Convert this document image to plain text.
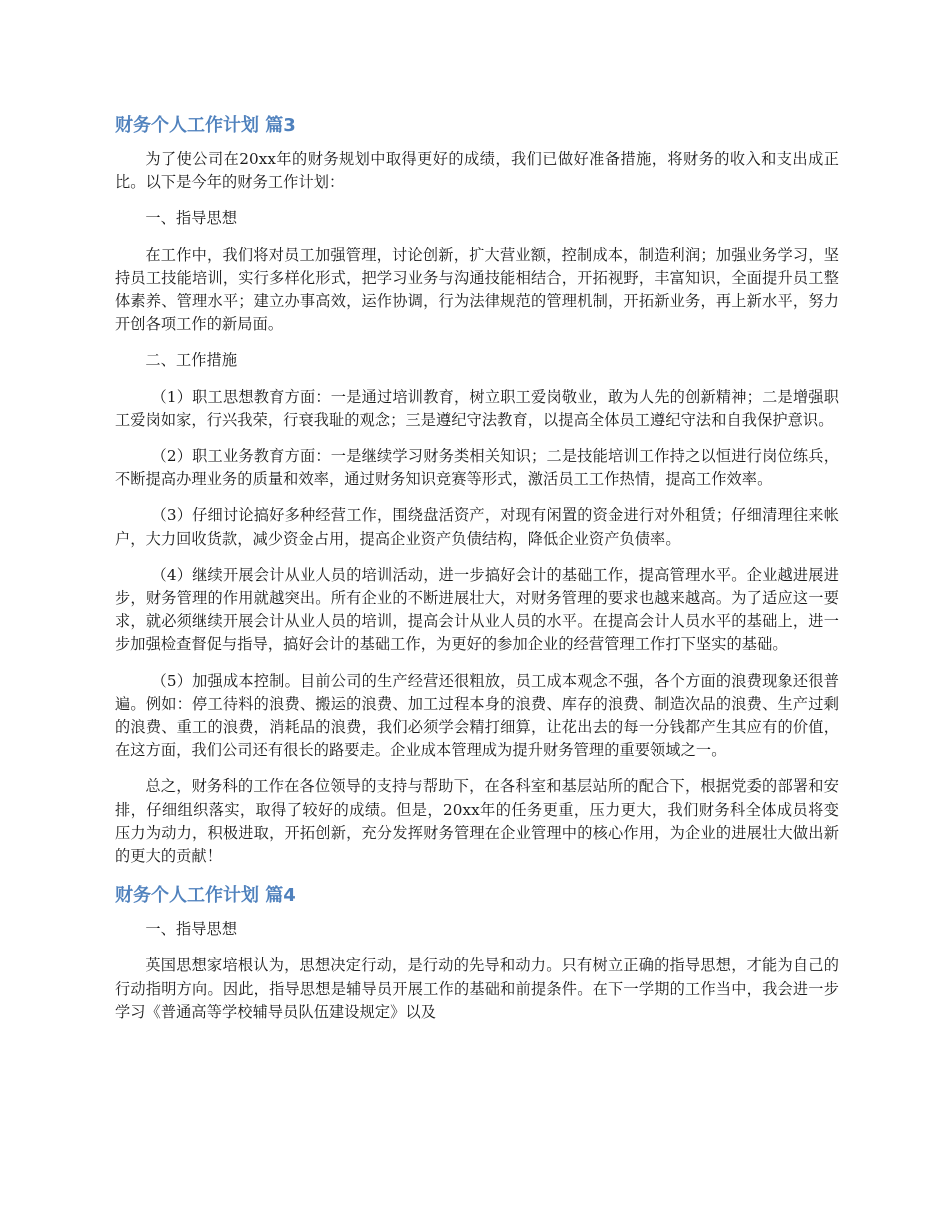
财务个人工作计划 篇3

为了使公司在20xx年的财务规划中取得更好的成绩，我们已做好准备措施，将财务的收入和支出成正比。以下是今年的财务工作计划：

一、指导思想

在工作中，我们将对员工加强管理，讨论创新，扩大营业额，控制成本，制造利润；加强业务学习，坚持员工技能培训，实行多样化形式，把学习业务与沟通技能相结合，开拓视野，丰富知识，全面提升员工整体素养、管理水平；建立办事高效，运作协调，行为法律规范的管理机制，开拓新业务，再上新水平，努力开创各项工作的新局面。

二、工作措施

（1）职工思想教育方面：一是通过培训教育，树立职工爱岗敬业，敢为人先的创新精神；二是增强职工爱岗如家，行兴我荣，行衰我耻的观念；三是遵纪守法教育，以提高全体员工遵纪守法和自我保护意识。

（2）职工业务教育方面：一是继续学习财务类相关知识；二是技能培训工作持之以恒进行岗位练兵，不断提高办理业务的质量和效率，通过财务知识竞赛等形式，激活员工工作热情，提高工作效率。

（3）仔细讨论搞好多种经营工作，围绕盘活资产，对现有闲置的资金进行对外租赁；仔细清理往来帐户，大力回收货款，减少资金占用，提高企业资产负债结构，降低企业资产负债率。

（4）继续开展会计从业人员的培训活动，进一步搞好会计的基础工作，提高管理水平。企业越进展进步，财务管理的作用就越突出。所有企业的不断进展壮大，对财务管理的要求也越来越高。为了适应这一要求，就必须继续开展会计从业人员的培训，提高会计从业人员的水平。在提高会计人员水平的基础上，进一步加强检查督促与指导，搞好会计的基础工作，为更好的参加企业的经营管理工作打下坚实的基础。

（5）加强成本控制。目前公司的生产经营还很粗放，员工成本观念不强，各个方面的浪费现象还很普遍。例如：停工待料的浪费、搬运的浪费、加工过程本身的浪费、库存的浪费、制造次品的浪费、生产过剩的浪费、重工的浪费，消耗品的浪费，我们必须学会精打细算，让花出去的每一分钱都产生其应有的价值，在这方面，我们公司还有很长的路要走。企业成本管理成为提升财务管理的重要领域之一。

总之，财务科的工作在各位领导的支持与帮助下，在各科室和基层站所的配合下，根据党委的部署和安排，仔细组织落实，取得了较好的成绩。但是，20xx年的任务更重，压力更大，我们财务科全体成员将变压力为动力，积极进取，开拓创新，充分发挥财务管理在企业管理中的核心作用，为企业的进展壮大做出新的更大的贡献！

财务个人工作计划 篇4

一、指导思想

英国思想家培根认为，思想决定行动，是行动的先导和动力。只有树立正确的指导思想，才能为自己的行动指明方向。因此，指导思想是辅导员开展工作的基础和前提条件。在下一学期的工作当中，我会进一步学习《普通高等学校辅导员队伍建设规定》以及
